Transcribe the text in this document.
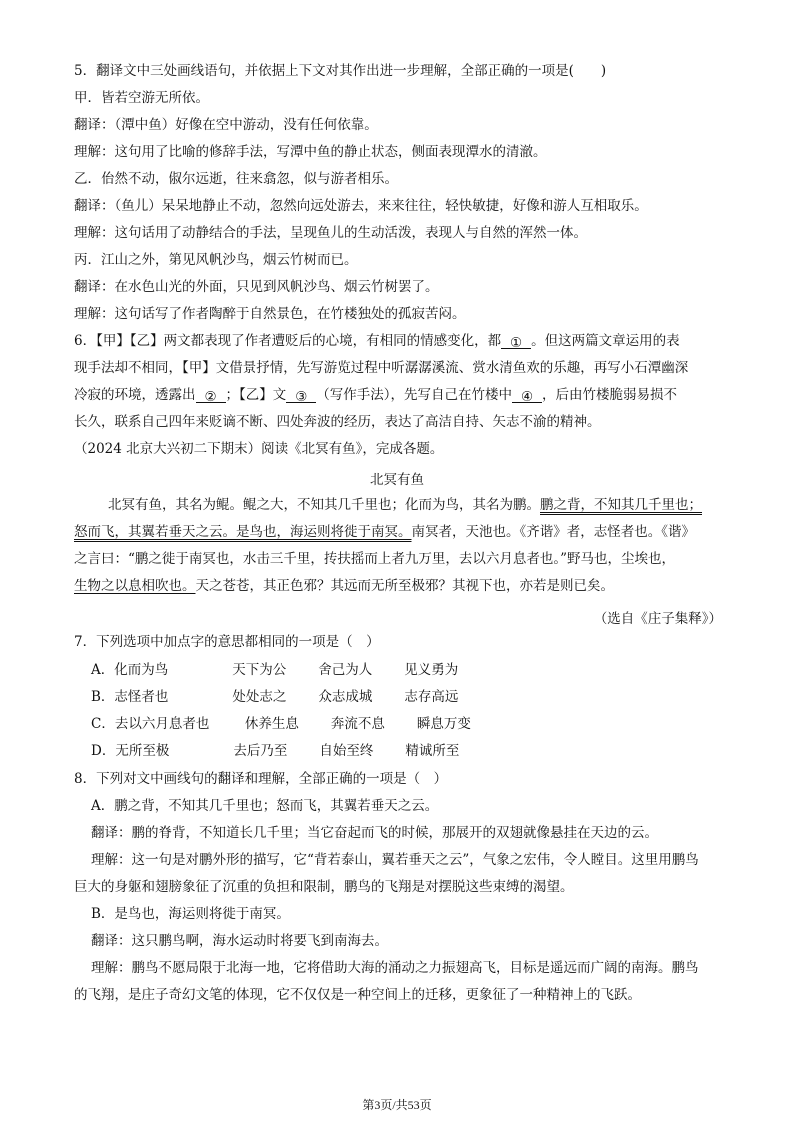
5．翻译文中三处画线语句，并依据上下文对其作出进一步理解，全部正确的一项是(　　)
甲．皆若空游无所依。
翻译：（潭中鱼）好像在空中游动，没有任何依靠。
理解：这句用了比喻的修辞手法，写潭中鱼的静止状态，侧面表现潭水的清澈。
乙．佁然不动，俶尔远逝，往来翕忽，似与游者相乐。
翻译：（鱼儿）呆呆地静止不动，忽然向远处游去，来来往往，轻快敏捷，好像和游人互相取乐。
理解：这句话用了动静结合的手法，呈现鱼儿的生动活泼，表现人与自然的浑然一体。
丙．江山之外，第见风帆沙鸟，烟云竹树而已。
翻译：在水色山光的外面，只见到风帆沙鸟、烟云竹树罢了。
理解：这句话写了作者陶醉于自然景色，在竹楼独处的孤寂苦闷。
6．【甲】【乙】两文都表现了作者遭贬后的心境，有相同的情感变化，都 ① 。但这两篇文章运用的表
现手法却不相同，【甲】文借景抒情，先写游览过程中听潺潺溪流、赏水清鱼欢的乐趣，再写小石潭幽深
冷寂的环境，透露出 ② ；【乙】文 ③ （写作手法），先写自己在竹楼中 ④ ，后由竹楼脆弱易损不
长久，联系自己四年来贬谪不断、四处奔波的经历，表达了高洁自持、矢志不渝的精神。
（2024 北京大兴初二下期末）阅读《北冥有鱼》，完成各题。
北冥有鱼
北冥有鱼，其名为鲲。鲲之大，不知其几千里也；化而为鸟，其名为鹏。鹏之背，不知其几千里也；
怒而飞，其翼若垂天之云。是鸟也，海运则将徙于南冥。南冥者，天池也。《齐谐》者，志怪者也。《谐》
之言曰：“鹏之徙于南冥也，水击三千里，抟扶摇而上者九万里，去以六月息者也。”野马也，尘埃也，
生物之以息相吹也。天之苍苍，其正色邪？其远而无所至极邪？其视下也，亦若是则已矣。
（选自《庄子集释》）
7．下列选项中加点字的意思都相同的一项是（　）
A．化而为鸟	天下为公 舍己为人 见义勇为
B．志怪者也	处处志之 众志成城 志存高远
C．去以六月息者也	休养生息 奔流不息 瞬息万变
D．无所至极	去后乃至 自始至终 精诚所至
8．下列对文中画线句的翻译和理解，全部正确的一项是（　）
A．鹏之背，不知其几千里也；怒而飞，其翼若垂天之云。
翻译：鹏的脊背，不知道长几千里；当它奋起而飞的时候，那展开的双翅就像悬挂在天边的云。
理解：这一句是对鹏外形的描写，它“背若泰山，翼若垂天之云”，气象之宏伟，令人瞠目。这里用鹏鸟
巨大的身躯和翅膀象征了沉重的负担和限制，鹏鸟的飞翔是对摆脱这些束缚的渴望。
B．是鸟也，海运则将徙于南冥。
翻译：这只鹏鸟啊，海水运动时将要飞到南海去。
理解：鹏鸟不愿局限于北海一地，它将借助大海的涌动之力振翅高飞，目标是遥远而广阔的南海。鹏鸟
的飞翔，是庄子奇幻文笔的体现，它不仅仅是一种空间上的迁移，更象征了一种精神上的飞跃。
第3页/共53页
